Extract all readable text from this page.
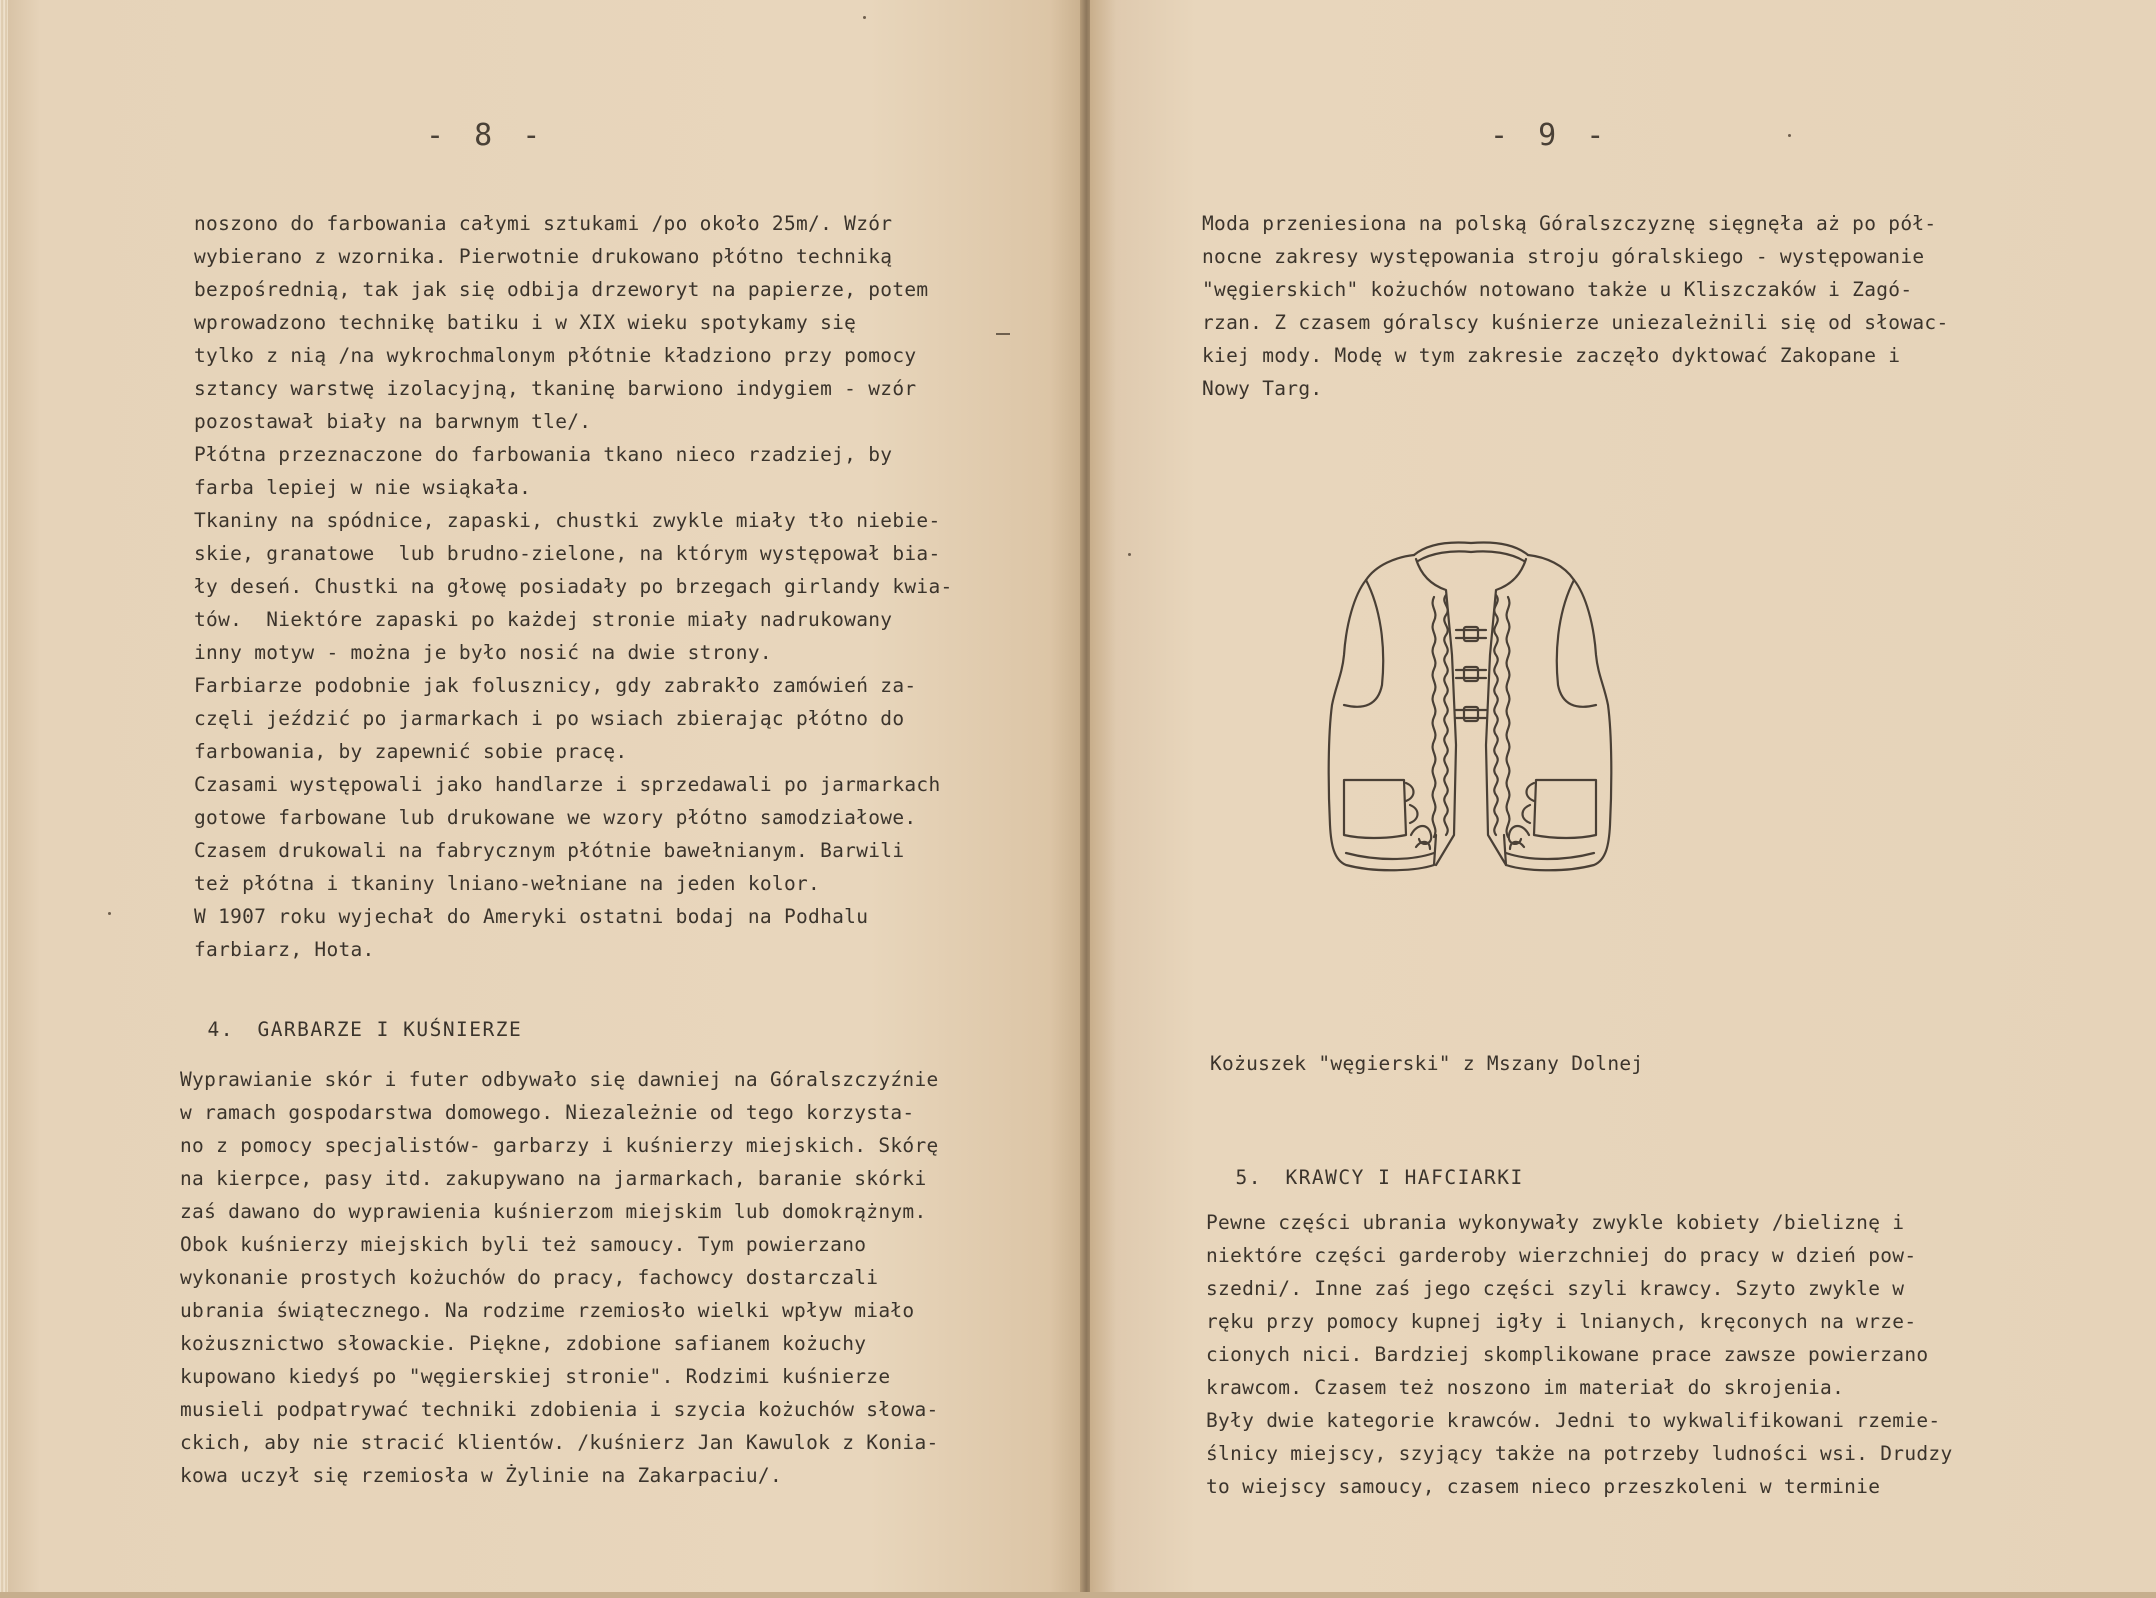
- 8 -
noszono do farbowania całymi sztukami /po około 25m/. Wzór
wybierano z wzornika. Pierwotnie drukowano płótno techniką
bezpośrednią, tak jak się odbija drzeworyt na papierze, potem
wprowadzono technikę batiku i w XIX wieku spotykamy się
tylko z nią /na wykrochmalonym płótnie kładziono przy pomocy
sztancy warstwę izolacyjną, tkaninę barwiono indygiem - wzór
pozostawał biały na barwnym tle/.
Płótna przeznaczone do farbowania tkano nieco rzadziej, by
farba lepiej w nie wsiąkała.
Tkaniny na spódnice, zapaski, chustki zwykle miały tło niebie-
skie, granatowe  lub brudno-zielone, na którym występował bia-
ły deseń. Chustki na głowę posiadały po brzegach girlandy kwia-
tów.  Niektóre zapaski po każdej stronie miały nadrukowany
inny motyw - można je było nosić na dwie strony.
Farbiarze podobnie jak folusznicy, gdy zabrakło zamówień za-
częli jeździć po jarmarkach i po wsiach zbierając płótno do
farbowania, by zapewnić sobie pracę.
Czasami występowali jako handlarze i sprzedawali po jarmarkach
gotowe farbowane lub drukowane we wzory płótno samodziałowe.
Czasem drukowali na fabrycznym płótnie bawełnianym. Barwili
też płótna i tkaniny lniano-wełniane na jeden kolor.
W 1907 roku wyjechał do Ameryki ostatni bodaj na Podhalu
farbiarz, Hota.

4. GARBARZE I KUŚNIERZE

Wyprawianie skór i futer odbywało się dawniej na Góralszczyźnie
w ramach gospodarstwa domowego. Niezależnie od tego korzysta-
no z pomocy specjalistów- garbarzy i kuśnierzy miejskich. Skórę
na kierpce, pasy itd. zakupywano na jarmarkach, baranie skórki
zaś dawano do wyprawienia kuśnierzom miejskim lub domokrążnym.
Obok kuśnierzy miejskich byli też samoucy. Tym powierzano
wykonanie prostych kożuchów do pracy, fachowcy dostarczali
ubrania świątecznego. Na rodzime rzemiosło wielki wpływ miało
kożusznictwo słowackie. Piękne, zdobione safianem kożuchy
kupowano kiedyś po "węgierskiej stronie". Rodzimi kuśnierze
musieli podpatrywać techniki zdobienia i szycia kożuchów słowa-
ckich, aby nie stracić klientów. /kuśnierz Jan Kawulok z Konia-
kowa uczył się rzemiosła w Żylinie na Zakarpaciu/.
- 9 -
Moda przeniesiona na polską Góralszczyznę sięgnęła aż po pół-
nocne zakresy występowania stroju góralskiego - występowanie
"węgierskich" kożuchów notowano także u Kliszczaków i Zagó-
rzan. Z czasem góralscy kuśnierze uniezależnili się od słowac-
kiej mody. Modę w tym zakresie zaczęło dyktować Zakopane i
Nowy Targ.
Kożuszek "węgierski" z Mszany Dolnej

5. KRAWCY I HAFCIARKI

Pewne części ubrania wykonywały zwykle kobiety /bieliznę i
niektóre części garderoby wierzchniej do pracy w dzień pow-
szedni/. Inne zaś jego części szyli krawcy. Szyto zwykle w
ręku przy pomocy kupnej igły i lnianych, kręconych na wrze-
cionych nici. Bardziej skomplikowane prace zawsze powierzano
krawcom. Czasem też noszono im materiał do skrojenia.
Były dwie kategorie krawców. Jedni to wykwalifikowani rzemie-
ślnicy miejscy, szyjący także na potrzeby ludności wsi. Drudzy
to wiejscy samoucy, czasem nieco przeszkoleni w terminie
